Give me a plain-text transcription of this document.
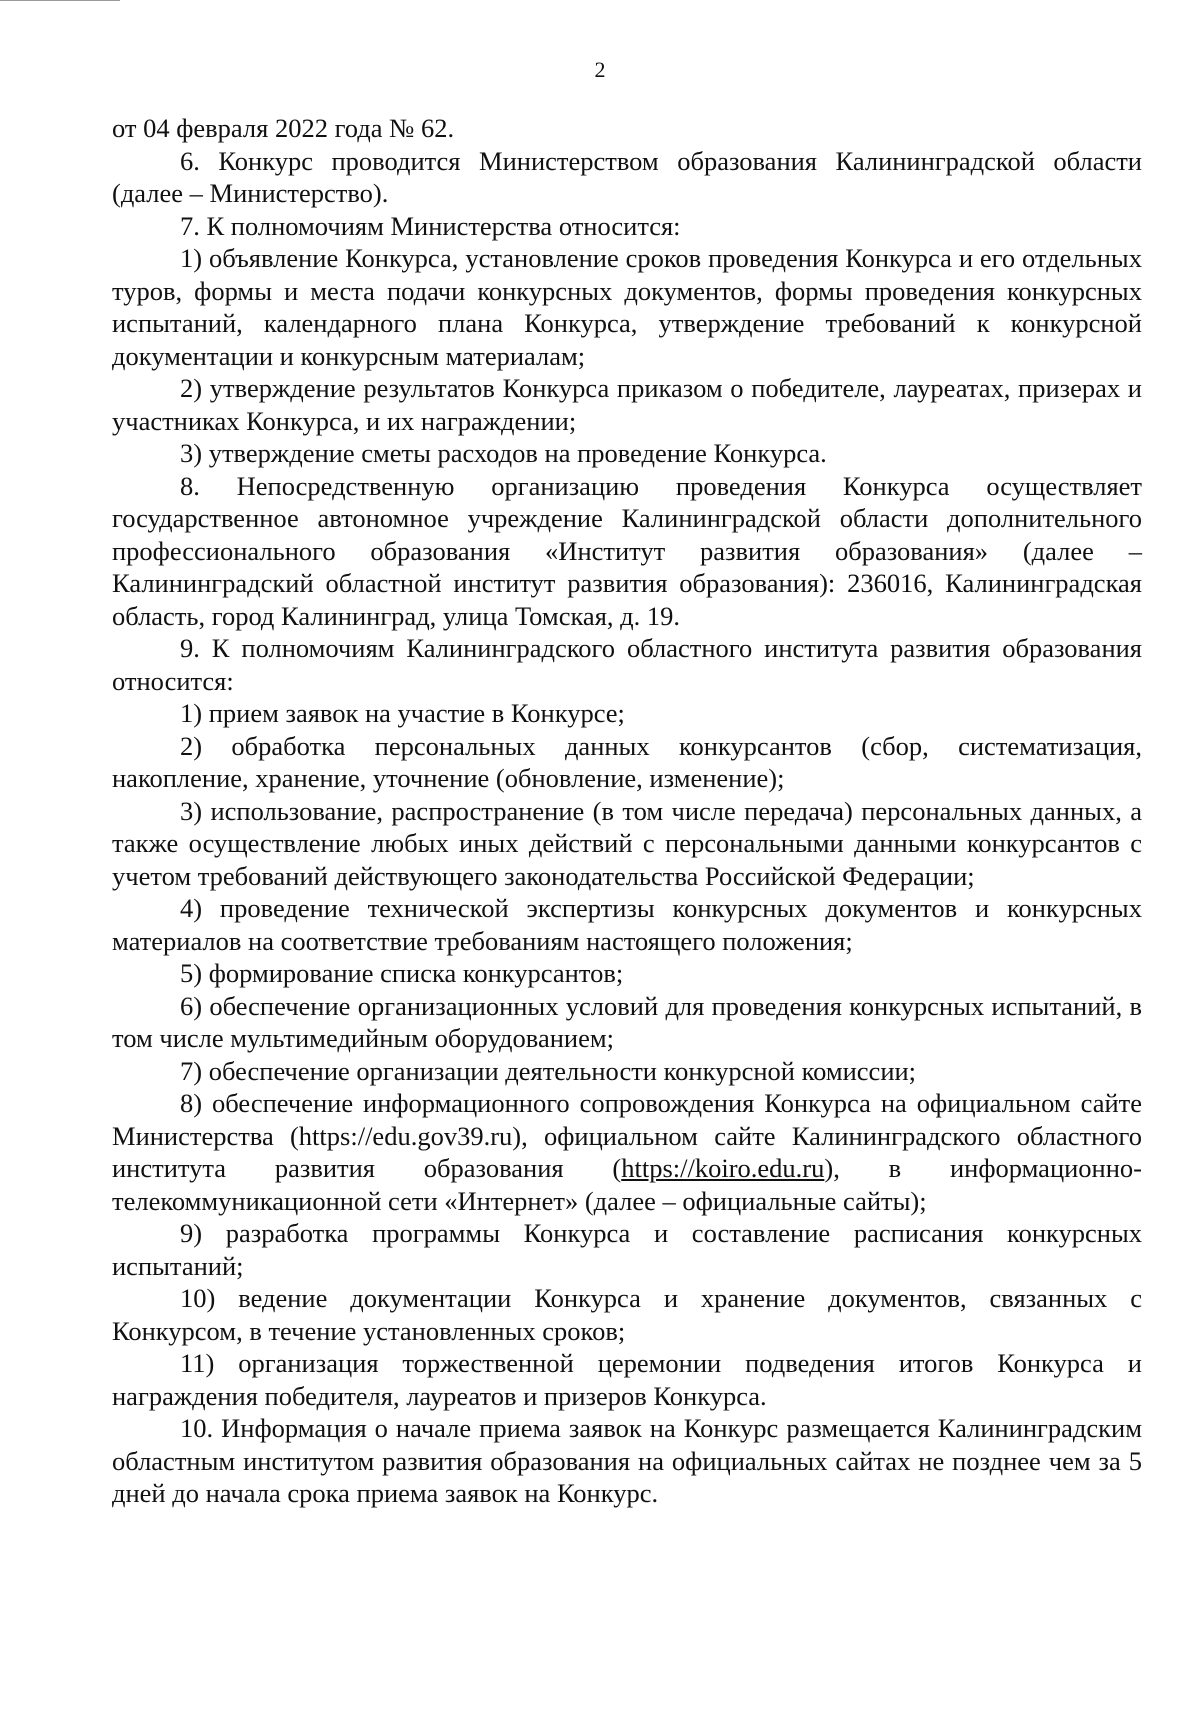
2

от 04 февраля 2022 года № 62.

6. Конкурс проводится Министерством образования Калининградской области (далее – Министерство).

7. К полномочиям Министерства относится:

1) объявление Конкурса, установление сроков проведения Конкурса и его отдельных туров, формы и места подачи конкурсных документов, формы проведения конкурсных испытаний, календарного плана Конкурса, утверждение требований к конкурсной документации и конкурсным материалам;

2) утверждение результатов Конкурса приказом о победителе, лауреатах, призерах и участниках Конкурса, и их награждении;

3) утверждение сметы расходов на проведение Конкурса.

8. Непосредственную организацию проведения Конкурса осуществляет государственное автономное учреждение Калининградской области дополнительного профессионального образования «Институт развития образования» (далее – Калининградский областной институт развития образования): 236016, Калининградская область, город Калининград, улица Томская, д. 19.

9. К полномочиям Калининградского областного института развития образования относится:

1) прием заявок на участие в Конкурсе;

2) обработка персональных данных конкурсантов (сбор, систематизация, накопление, хранение, уточнение (обновление, изменение);

3) использование, распространение (в том числе передача) персональных данных, а также осуществление любых иных действий с персональными данными конкурсантов с учетом требований действующего законодательства Российской Федерации;

4) проведение технической экспертизы конкурсных документов и конкурсных материалов на соответствие требованиям настоящего положения;

5) формирование списка конкурсантов;

6) обеспечение организационных условий для проведения конкурсных испытаний, в том числе мультимедийным оборудованием;

7) обеспечение организации деятельности конкурсной комиссии;

8) обеспечение информационного сопровождения Конкурса на официальном сайте Министерства (https://edu.gov39.ru), официальном сайте Калининградского областного института развития образования (https://koiro.edu.ru), в информационно-телекоммуникационной сети «Интернет» (далее – официальные сайты);

9) разработка программы Конкурса и составление расписания конкурсных испытаний;

10) ведение документации Конкурса и хранение документов, связанных с Конкурсом, в течение установленных сроков;

11) организация торжественной церемонии подведения итогов Конкурса и награждения победителя, лауреатов и призеров Конкурса.

10. Информация о начале приема заявок на Конкурс размещается Калининградским областным институтом развития образования на официальных сайтах не позднее чем за 5 дней до начала срока приема заявок на Конкурс.
